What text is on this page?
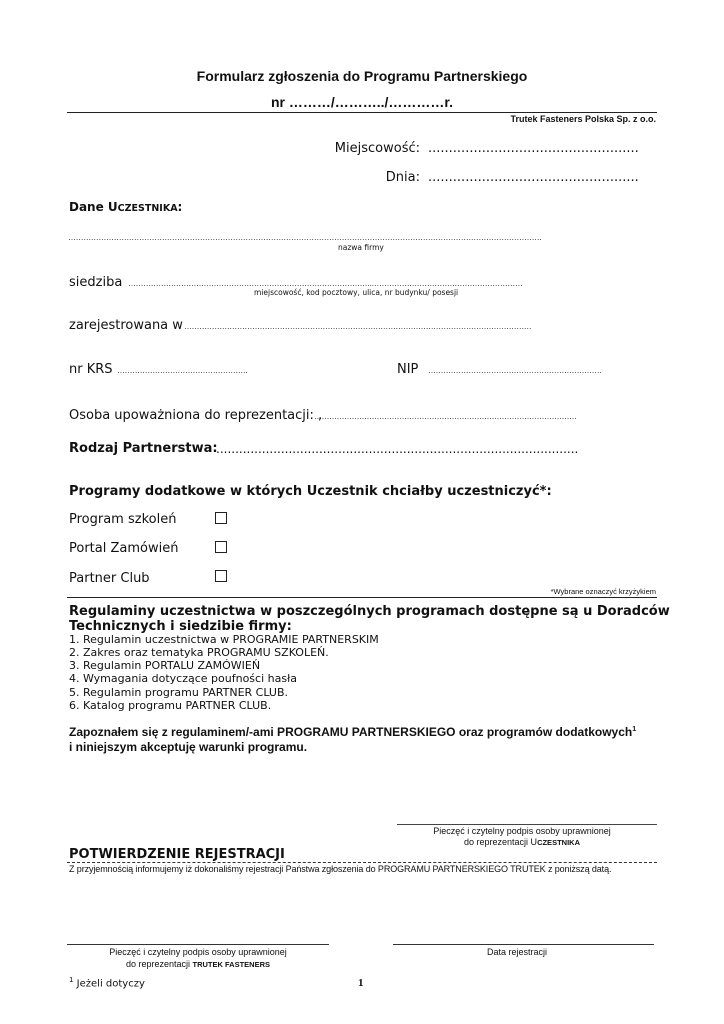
Formularz zgłoszenia do Programu Partnerskiego
nr ………/………../…………r.
Trutek Fasteners Polska Sp. z o.o.
Miejscowość: ...................................................
Dnia: ...................................................
Dane UCZESTNIKA:
…………………………………………………………………………………………………………………………………………………………………….
nazwa firmy
siedziba …………………………………………………………………………………….……………………………………………………
miejscowość, kod pocztowy, ulica, nr budynku/ posesji
zarejestrowana w …………………………………………………………………………………………………………………………
nr KRS …………………………………………….	NIP ……………………………………………………………
Osoba upoważniona do reprezentacji: ,
……………………………………………………………………………………………
Rodzaj Partnerstwa:
...............................................................................................
Programy dodatkowe w których Uczestnik chciałby uczestniczyć*:
Program szkoleń
Portal Zamówień
Partner Club
*Wybrane oznaczyć krzyżykiem
Regulaminy uczestnictwa w poszczególnych programach dostępne są u Doradców
Technicznych i siedzibie firmy:
1. Regulamin uczestnictwa w PROGRAMIE PARTNERSKIM
2. Zakres oraz tematyka PROGRAMU SZKOLEŃ.
3. Regulamin PORTALU ZAMÓWIEŃ
4. Wymagania dotyczące poufności hasła
5. Regulamin programu PARTNER CLUB.
6. Katalog programu PARTNER CLUB.
Zapoznałem się z regulaminem/-ami PROGRAMU PARTNERSKIEGO oraz programów dodatkowych$^1$
i niniejszym akceptuję warunki programu.
Pieczęć i czytelny podpis osoby uprawnionej
do reprezentacji UCZESTNIKA
POTWIERDZENIE REJESTRACJI
Z przyjemnością informujemy iż dokonaliśmy rejestracji Państwa zgłoszenia do PROGRAMU PARTNERSKIEGO TRUTEK z poniższą datą.
Pieczęć i czytelny podpis osoby uprawnionej
do reprezentacji TRUTEK FASTENERS
Data rejestracji
$^1$ Jeżeli dotyczy	1
